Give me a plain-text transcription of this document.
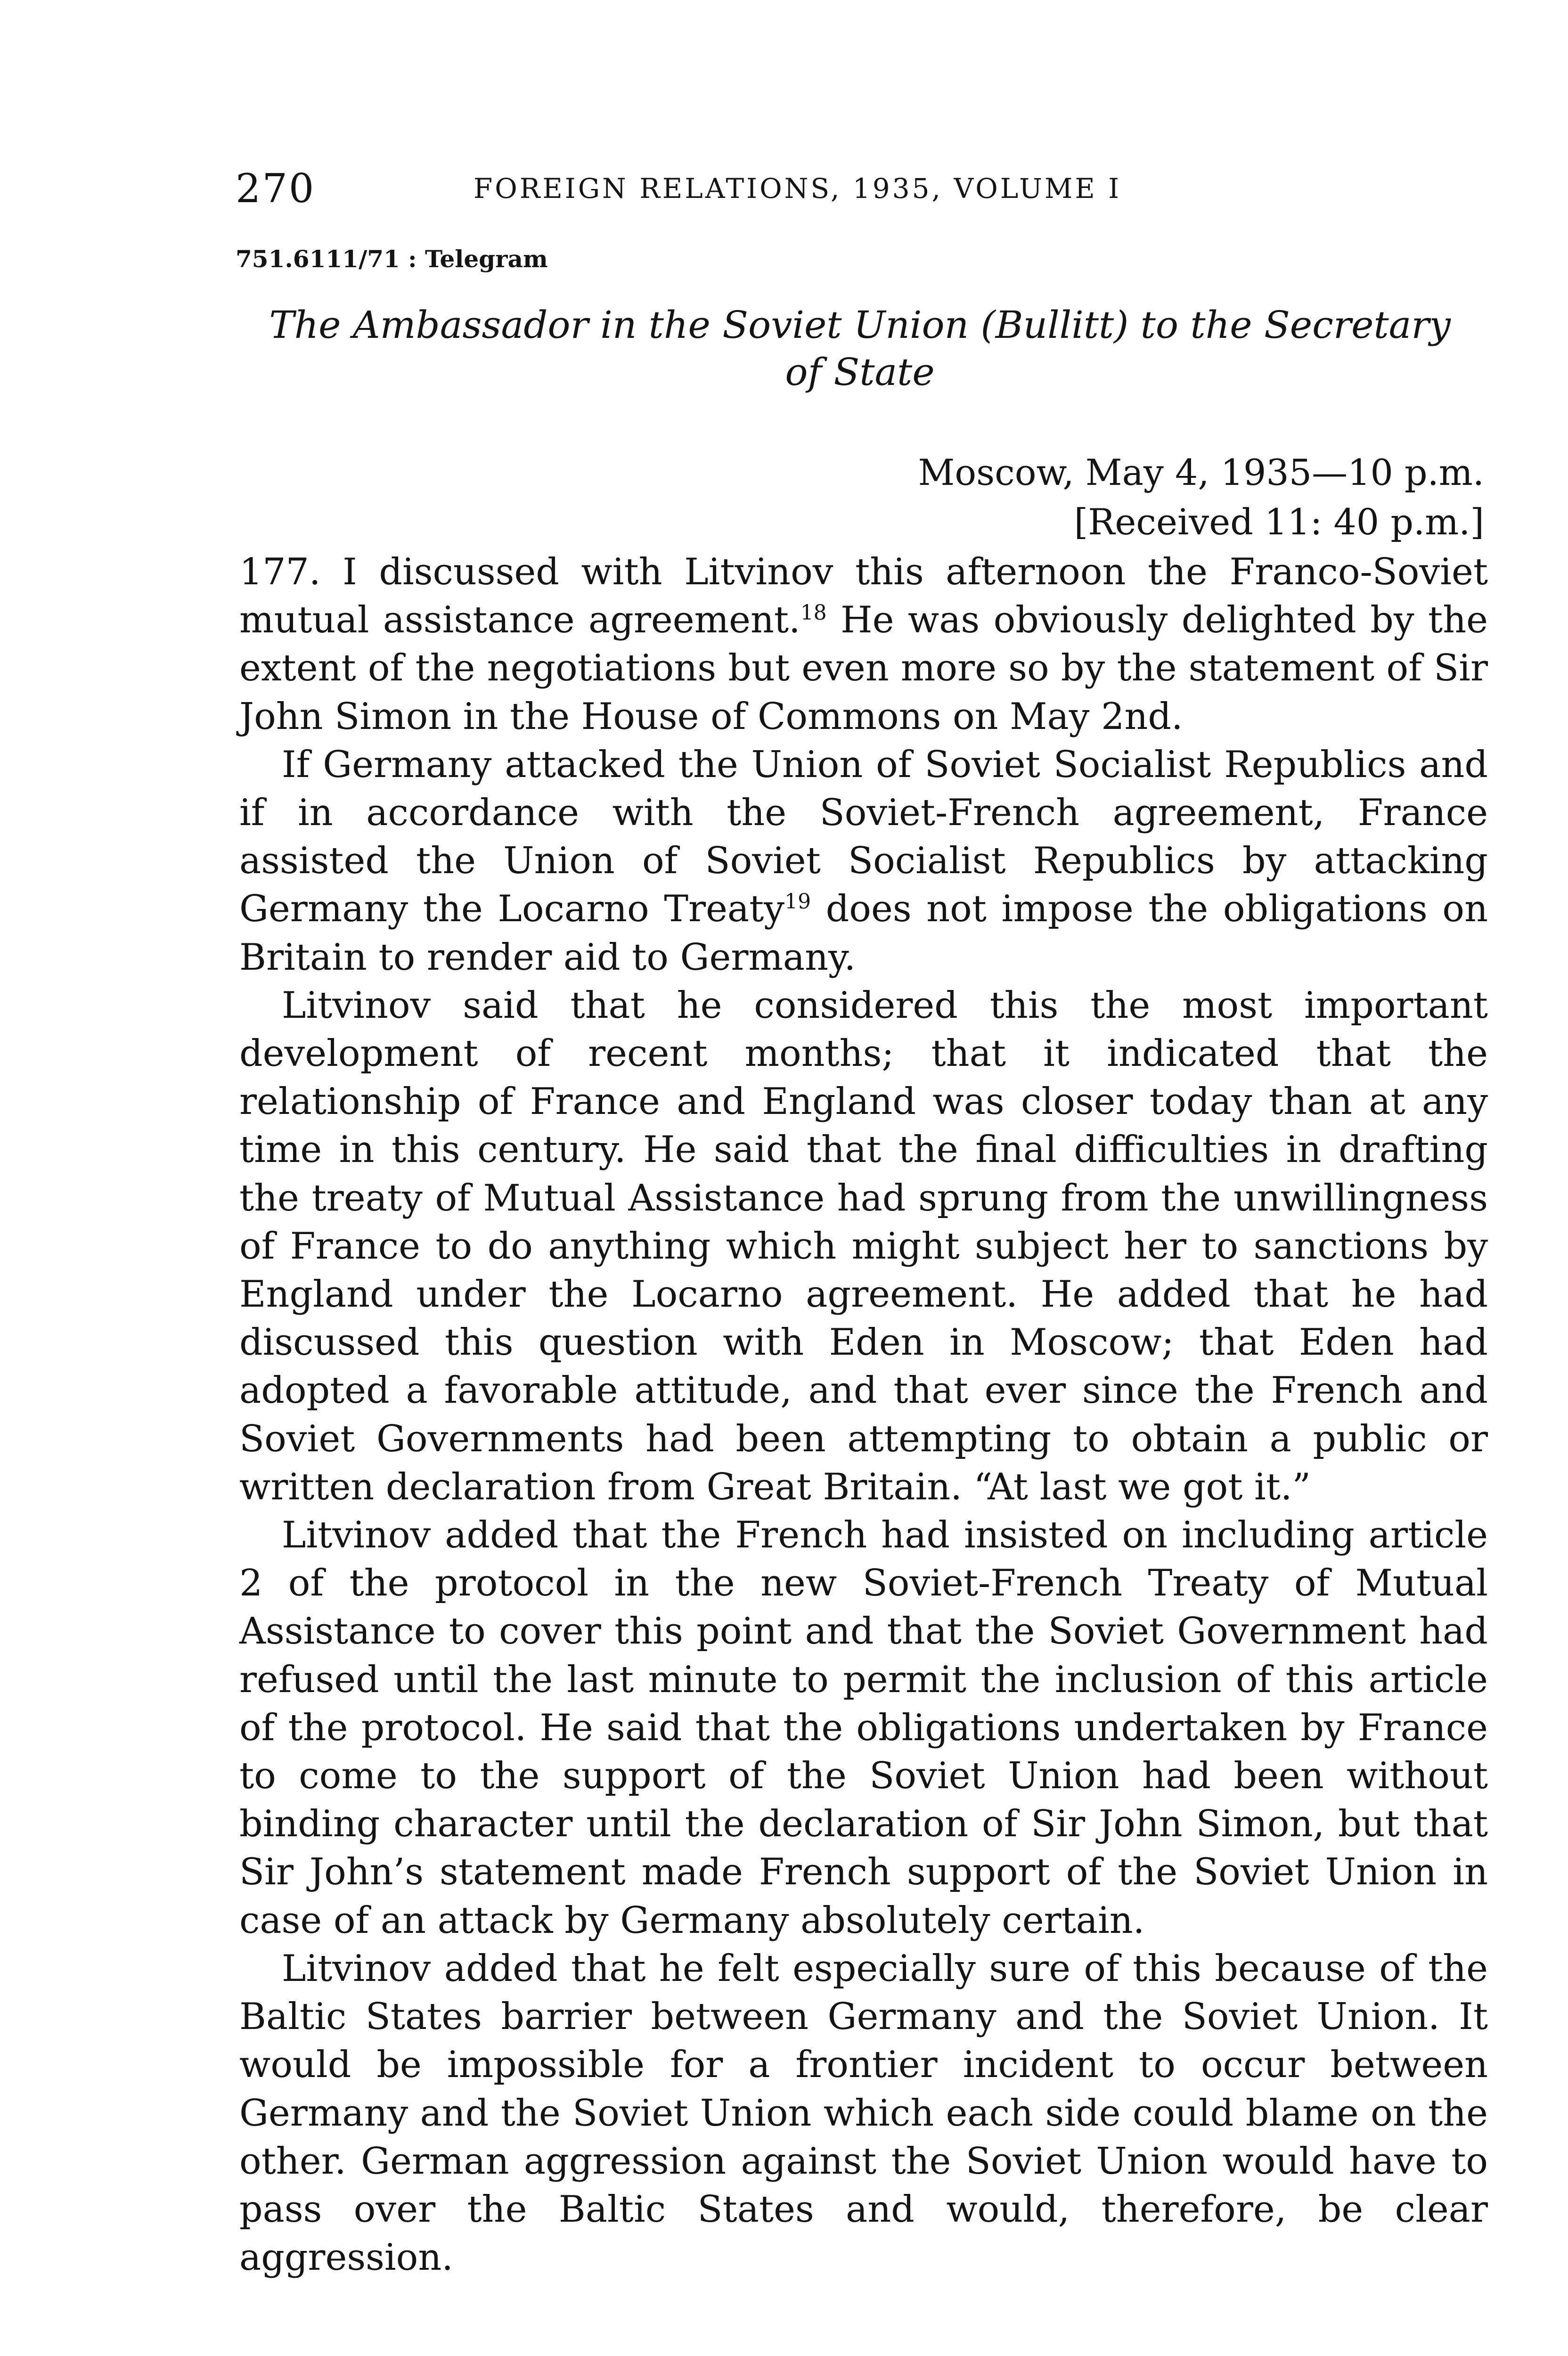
270	FOREIGN RELATIONS, 1935, VOLUME I
751.6111/71 : Telegram
The Ambassador in the Soviet Union (Bullitt) to the Secretary
of State
Moscow, May 4, 1935—10 p.m.
[Received 11: 40 p.m.]

177. I discussed with Litvinov this afternoon the Franco-Soviet mutual assistance agreement.$^{18}$ He was obviously delighted by the extent of the negotiations but even more so by the statement of Sir John Simon in the House of Commons on May 2nd.

If Germany attacked the Union of Soviet Socialist Republics and if in accordance with the Soviet-French agreement, France assisted the Union of Soviet Socialist Republics by attacking Germany the Locarno Treaty$^{19}$ does not impose the obligations on Britain to render aid to Germany.

Litvinov said that he considered this the most important development of recent months; that it indicated that the relationship of France and England was closer today than at any time in this century. He said that the final difficulties in drafting the treaty of Mutual Assistance had sprung from the unwillingness of France to do anything which might subject her to sanctions by England under the Locarno agreement. He added that he had discussed this question with Eden in Moscow; that Eden had adopted a favorable attitude, and that ever since the French and Soviet Governments had been attempting to obtain a public or written declaration from Great Britain. “At last we got it.”

Litvinov added that the French had insisted on including article 2 of the protocol in the new Soviet-French Treaty of Mutual Assistance to cover this point and that the Soviet Government had refused until the last minute to permit the inclusion of this article of the protocol. He said that the obligations undertaken by France to come to the support of the Soviet Union had been without binding character until the declaration of Sir John Simon, but that Sir John’s statement made French support of the Soviet Union in case of an attack by Germany absolutely certain.

Litvinov added that he felt especially sure of this because of the Baltic States barrier between Germany and the Soviet Union. It would be impossible for a frontier incident to occur between Germany and the Soviet Union which each side could blame on the other. German aggression against the Soviet Union would have to pass over the Baltic States and would, therefore, be clear aggression.
